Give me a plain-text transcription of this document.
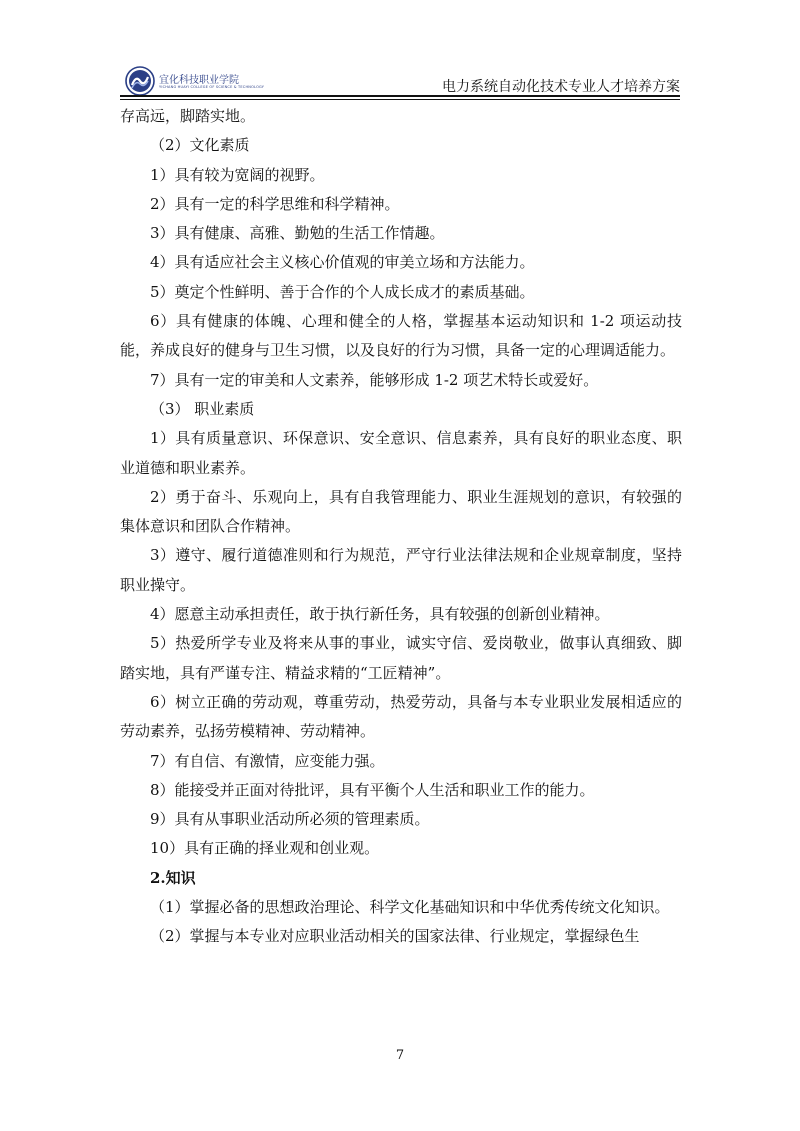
宜化科技职业学院
YICHANG HUAYI COLLEGE OF SCIENCE & TECHNOLOGY	电力系统自动化技术专业人才培养方案

存高远，脚踏实地。

（2）文化素质

1）具有较为宽阔的视野。

2）具有一定的科学思维和科学精神。

3）具有健康、高雅、勤勉的生活工作情趣。

4）具有适应社会主义核心价值观的审美立场和方法能力。

5）奠定个性鲜明、善于合作的个人成长成才的素质基础。

6）具有健康的体魄、心理和健全的人格，掌握基本运动知识和 1-2 项运动技能，养成良好的健身与卫生习惯，以及良好的行为习惯，具备一定的心理调适能力。

7）具有一定的审美和人文素养，能够形成 1-2 项艺术特长或爱好。

（3） 职业素质

1）具有质量意识、环保意识、安全意识、信息素养，具有良好的职业态度、职业道德和职业素养。

2）勇于奋斗、乐观向上，具有自我管理能力、职业生涯规划的意识，有较强的集体意识和团队合作精神。

3）遵守、履行道德准则和行为规范，严守行业法律法规和企业规章制度，坚持职业操守。

4）愿意主动承担责任，敢于执行新任务，具有较强的创新创业精神。

5）热爱所学专业及将来从事的事业，诚实守信、爱岗敬业，做事认真细致、脚踏实地，具有严谨专注、精益求精的“工匠精神”。

6）树立正确的劳动观，尊重劳动，热爱劳动，具备与本专业职业发展相适应的劳动素养，弘扬劳模精神、劳动精神。

7）有自信、有激情，应变能力强。

8）能接受并正面对待批评，具有平衡个人生活和职业工作的能力。

9）具有从事职业活动所必须的管理素质。

10）具有正确的择业观和创业观。

2.知识

（1）掌握必备的思想政治理论、科学文化基础知识和中华优秀传统文化知识。

（2）掌握与本专业对应职业活动相关的国家法律、行业规定，掌握绿色生

7
